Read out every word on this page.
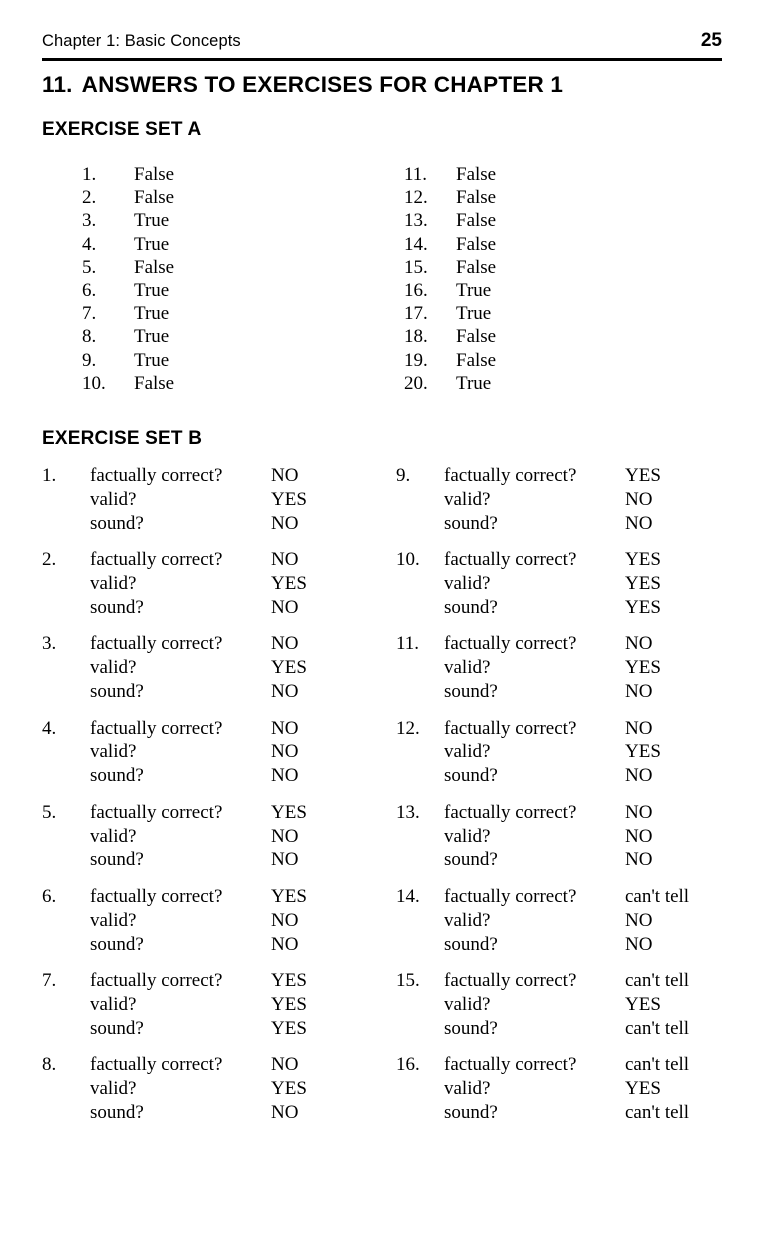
Chapter 1: Basic Concepts	25
11. ANSWERS TO EXERCISES FOR CHAPTER 1
EXERCISE SET A
1.	False
2.	False
3.	True
4.	True
5.	False
6.	True
7.	True
8.	True
9.	True
10.	False
11.	False
12.	False
13.	False
14.	False
15.	False
16.	True
17.	True
18.	False
19.	False
20.	True
EXERCISE SET B
1.	factually correct?	NO

valid?	YES

sound?	NO
2.	factually correct?	NO

valid?	YES

sound?	NO
3.	factually correct?	NO

valid?	YES

sound?	NO
4.	factually correct?	NO

valid?	NO

sound?	NO
5.	factually correct?	YES

valid?	NO

sound?	NO
6.	factually correct?	YES

valid?	NO

sound?	NO
7.	factually correct?	YES

valid?	YES

sound?	YES
8.	factually correct?	NO

valid?	YES

sound?	NO
9.	factually correct?	YES

valid?	NO

sound?	NO
10.	factually correct?	YES

valid?	YES

sound?	YES
11.	factually correct?	NO

valid?	YES

sound?	NO
12.	factually correct?	NO

valid?	YES

sound?	NO
13.	factually correct?	NO

valid?	NO

sound?	NO
14.	factually correct?	can't tell

valid?	NO

sound?	NO
15.	factually correct?	can't tell

valid?	YES

sound?	can't tell
16.	factually correct?	can't tell

valid?	YES

sound?	can't tell
